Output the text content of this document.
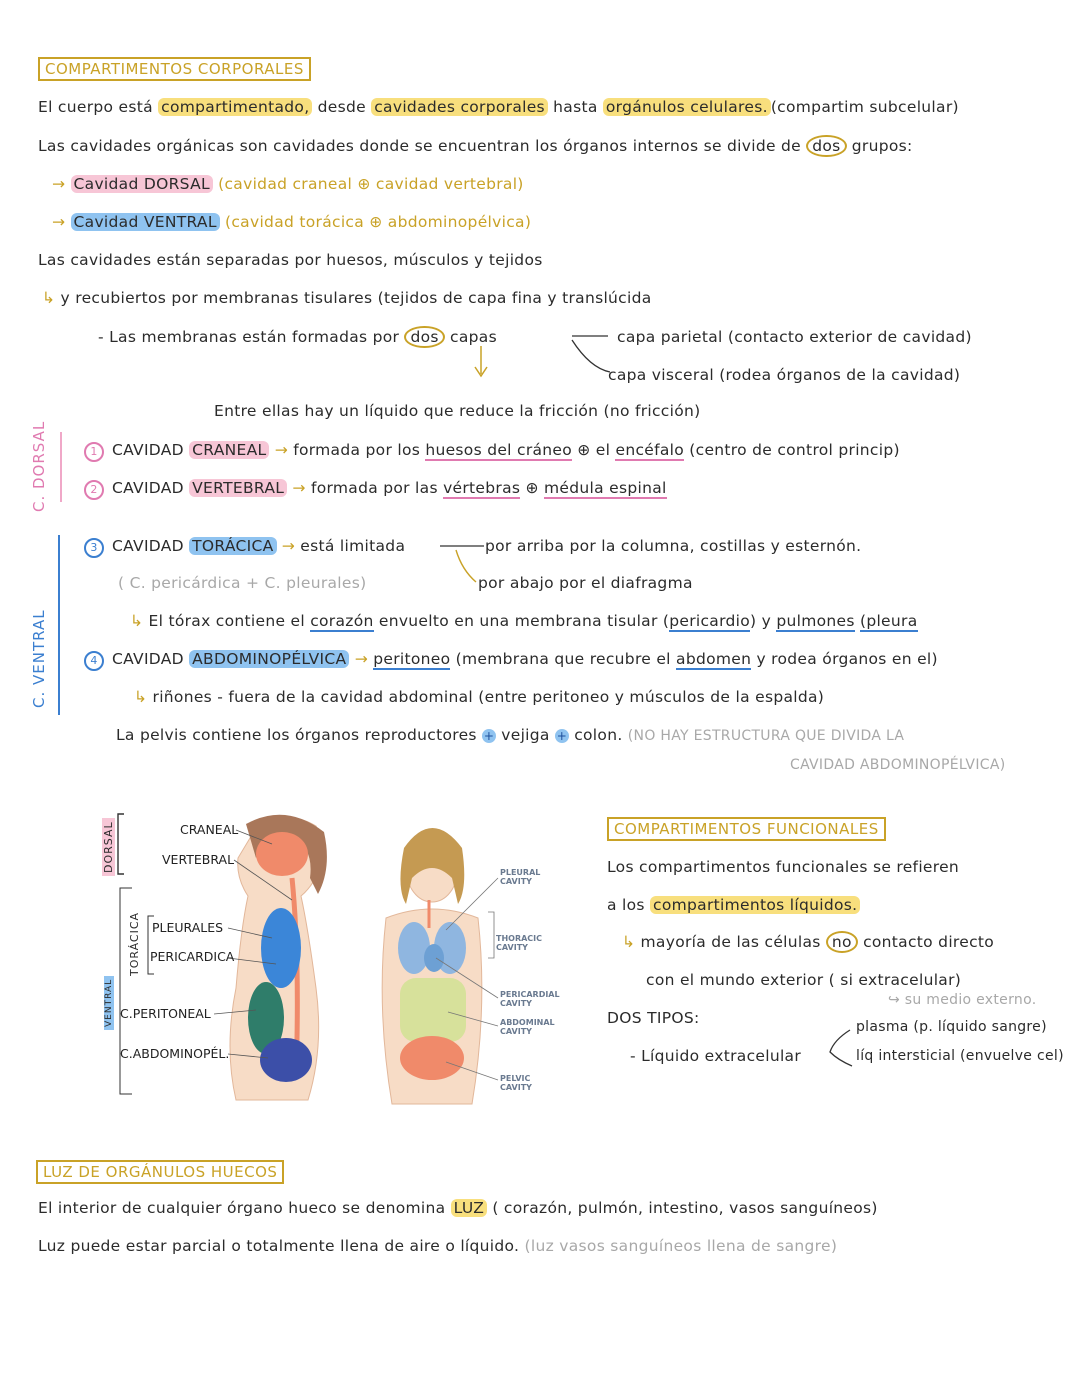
COMPARTIMENTOS CORPORALES
El cuerpo está compartimentado, desde cavidades corporales hasta orgánulos celulares. (compartim subcelular)
Las cavidades orgánicas son cavidades donde se encuentran los órganos internos se divide de dos grupos:
→ Cavidad DORSAL (cavidad craneal ⊕ cavidad vertebral)
→ Cavidad VENTRAL (cavidad torácica ⊕ abdominopélvica)
Las cavidades están separadas por huesos, músculos y tejidos
↳ y recubiertos por membranas tisulares (tejidos de capa fina y translúcida
- Las membranas están formadas por dos capas	capa parietal (contacto exterior de cavidad)
capa visceral (rodea órganos de la cavidad)
Entre ellas hay un líquido que reduce la fricción (no fricción)
C. DORSAL
C. VENTRAL
1 CAVIDAD CRANEAL → formada por los huesos del cráneo ⊕ el encéfalo (centro de control princip)
2 CAVIDAD VERTEBRAL → formada por las vértebras ⊕ médula espinal
3 CAVIDAD TORÁCICA → está limitada	por arriba por la columna, costillas y esternón.
por abajo por el diafragma
( C. pericárdica + C. pleurales)
↳ El tórax contiene el corazón envuelto en una membrana tisular (pericardio) y pulmones (pleura
4 CAVIDAD ABDOMINOPÉLVICA → peritoneo (membrana que recubre el abdomen y rodea órganos en el)
↳ riñones - fuera de la cavidad abdominal (entre peritoneo y músculos de la espalda)
La pelvis contiene los órganos reproductores + vejiga + colon. (NO HAY ESTRUCTURA QUE DIVIDA LA
CAVIDAD ABDOMINOPÉLVICA)
DORSAL
TORÁCICA
VENTRAL
CRANEAL
VERTEBRAL
PLEURALES
PERICARDICA
C.PERITONEAL
C.ABDOMINOPÉL.
PLEURAL CAVITY
THORACIC CAVITY
PERICARDIAL CAVITY
ABDOMINAL CAVITY
PELVIC CAVITY
COMPARTIMENTOS FUNCIONALES
Los compartimentos funcionales se refieren
a los compartimentos líquidos.
↳ mayoría de las células no contacto directo
con el mundo exterior ( si extracelular)
↪ su medio externo.
DOS TIPOS:
- Líquido extracelular
plasma (p. líquido sangre)
líq intersticial (envuelve cel)
LUZ DE ORGÁNULOS HUECOS
El interior de cualquier órgano hueco se denomina LUZ ( corazón, pulmón, intestino, vasos sanguíneos)
Luz puede estar parcial o totalmente llena de aire o líquido. (luz vasos sanguíneos llena de sangre)
